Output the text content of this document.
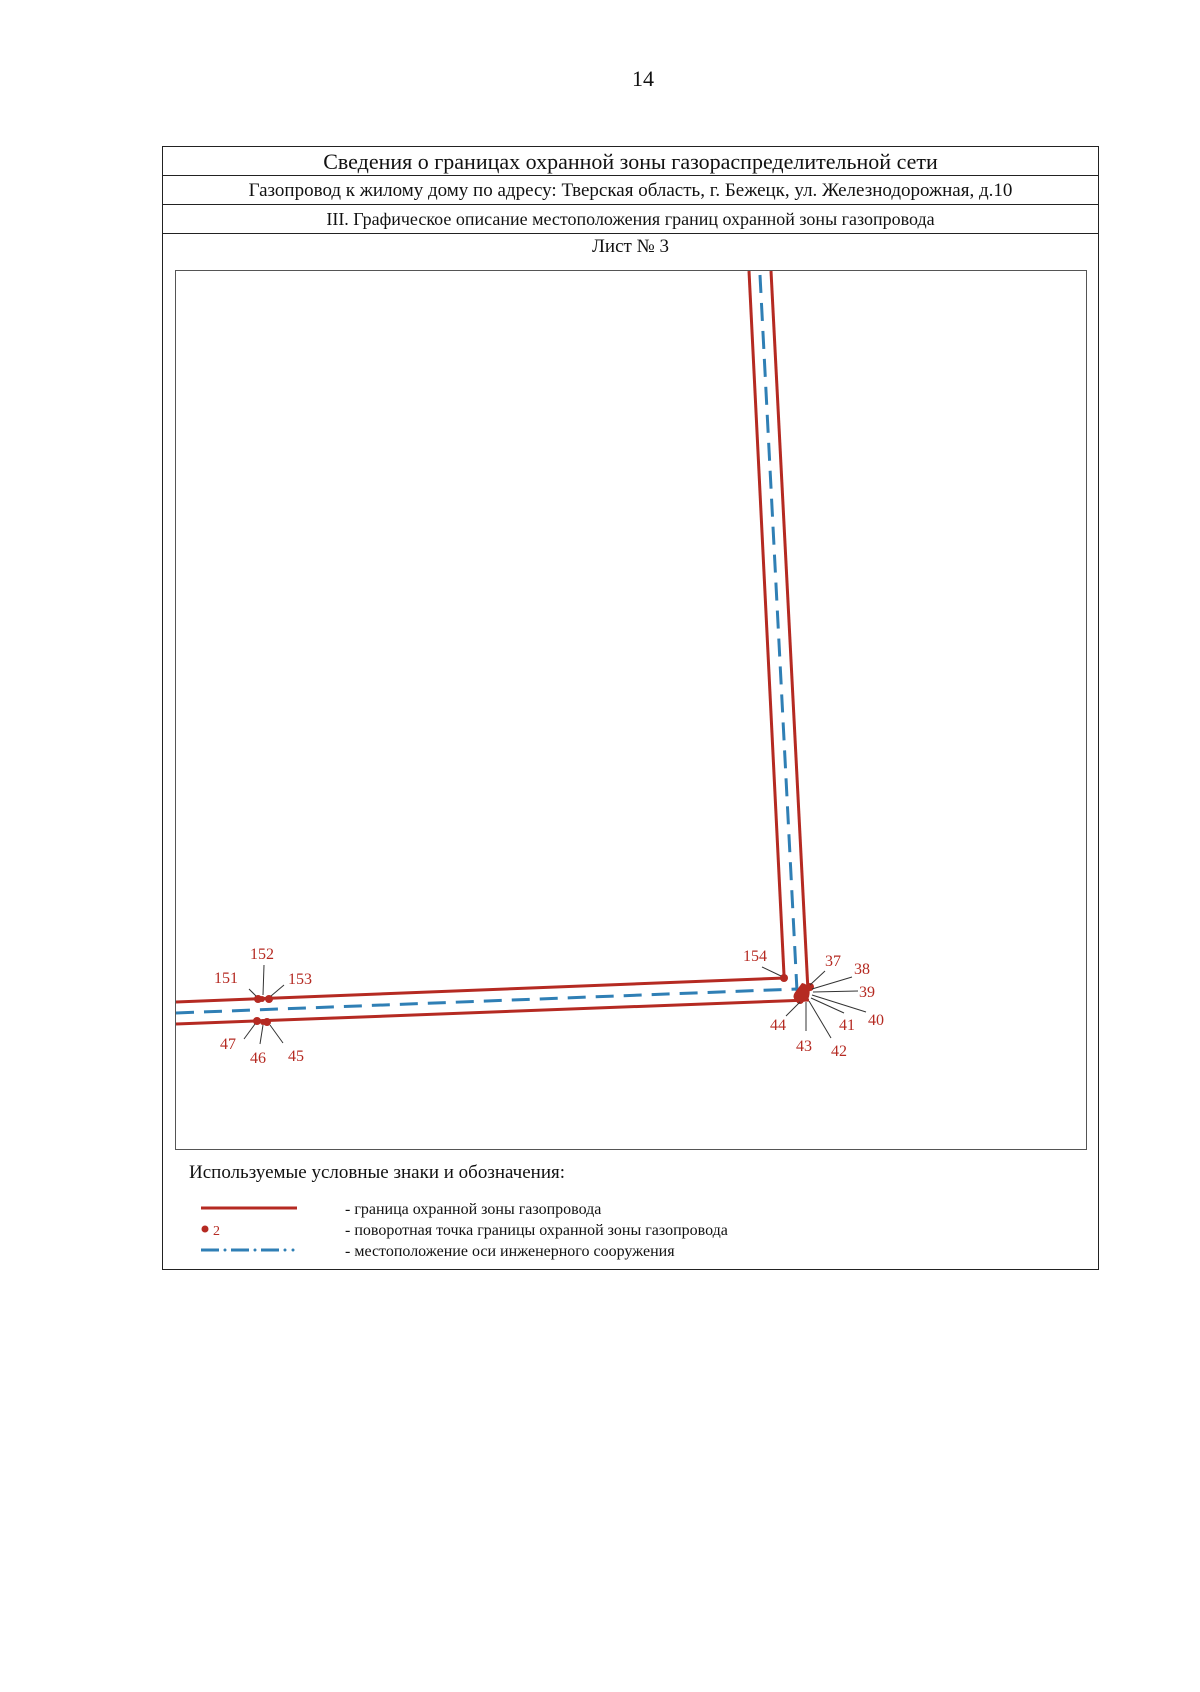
14
Сведения о границах охранной зоны газораспределительной сети
Газопровод к жилому дому по адресу: Тверская область, г. Бежецк, ул. Железнодорожная, д.10
III. Графическое описание местоположения границ охранной зоны газопровода
Лист № 3
151
152
153
154	37 38
39
40
41
42
43
44
45
46
47
Используемые условные знаки и обозначения:
- граница охранной зоны газопровода
2	- поворотная точка границы охранной зоны газопровода
- местоположение оси инженерного сооружения
